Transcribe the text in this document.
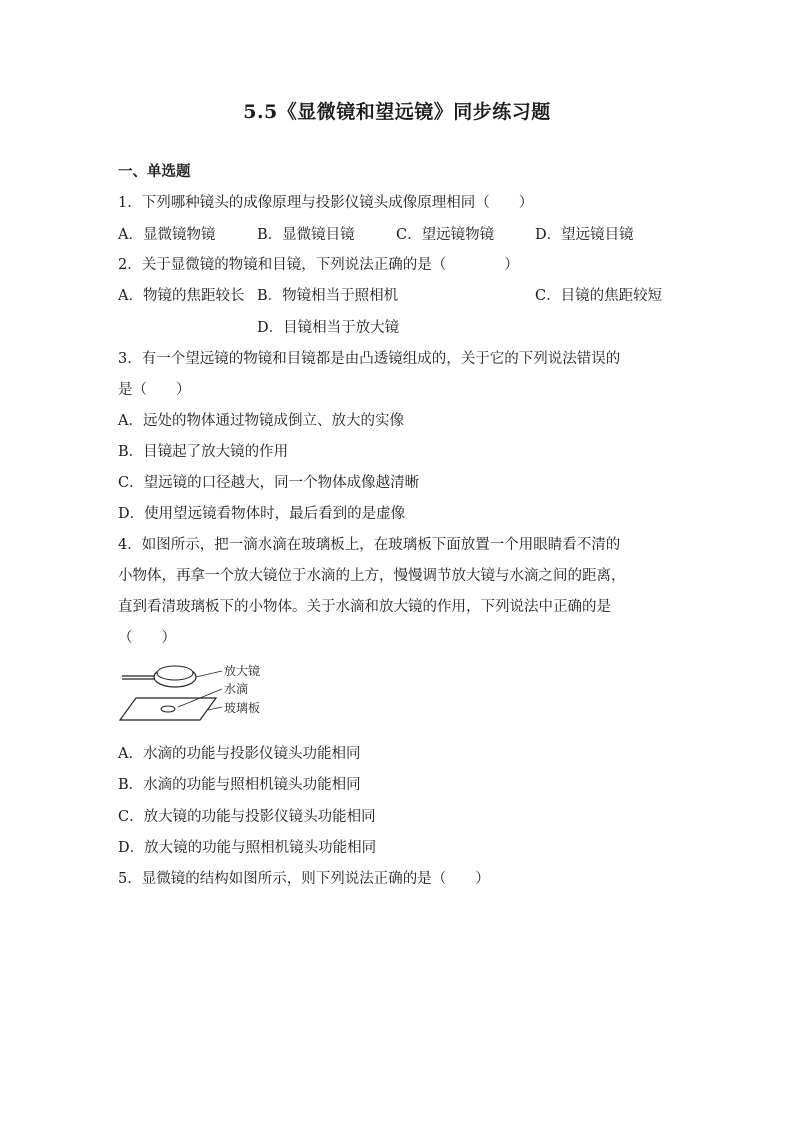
5.5《显微镜和望远镜》同步练习题
一、单选题
1．下列哪种镜头的成像原理与投影仪镜头成像原理相同（　　）
A．显微镜物镜	B．显微镜目镜	C．望远镜物镜	D．望远镜目镜
2．关于显微镜的物镜和目镜，下列说法正确的是（　　　　）
A．物镜的焦距较长 B．物镜相当于照相机	C．目镜的焦距较短
D．目镜相当于放大镜
3．有一个望远镜的物镜和目镜都是由凸透镜组成的，关于它的下列说法错误的
是（　　）
A．远处的物体通过物镜成倒立、放大的实像
B．目镜起了放大镜的作用
C．望远镜的口径越大，同一个物体成像越清晰
D．使用望远镜看物体时，最后看到的是虚像
4．如图所示，把一滴水滴在玻璃板上，在玻璃板下面放置一个用眼睛看不清的
小物体，再拿一个放大镜位于水滴的上方，慢慢调节放大镜与水滴之间的距离，
直到看清玻璃板下的小物体。关于水滴和放大镜的作用，下列说法中正确的是
（　　）
放大镜
水滴
玻璃板
A．水滴的功能与投影仪镜头功能相同
B．水滴的功能与照相机镜头功能相同
C．放大镜的功能与投影仪镜头功能相同
D．放大镜的功能与照相机镜头功能相同
5．显微镜的结构如图所示，则下列说法正确的是（　　）
